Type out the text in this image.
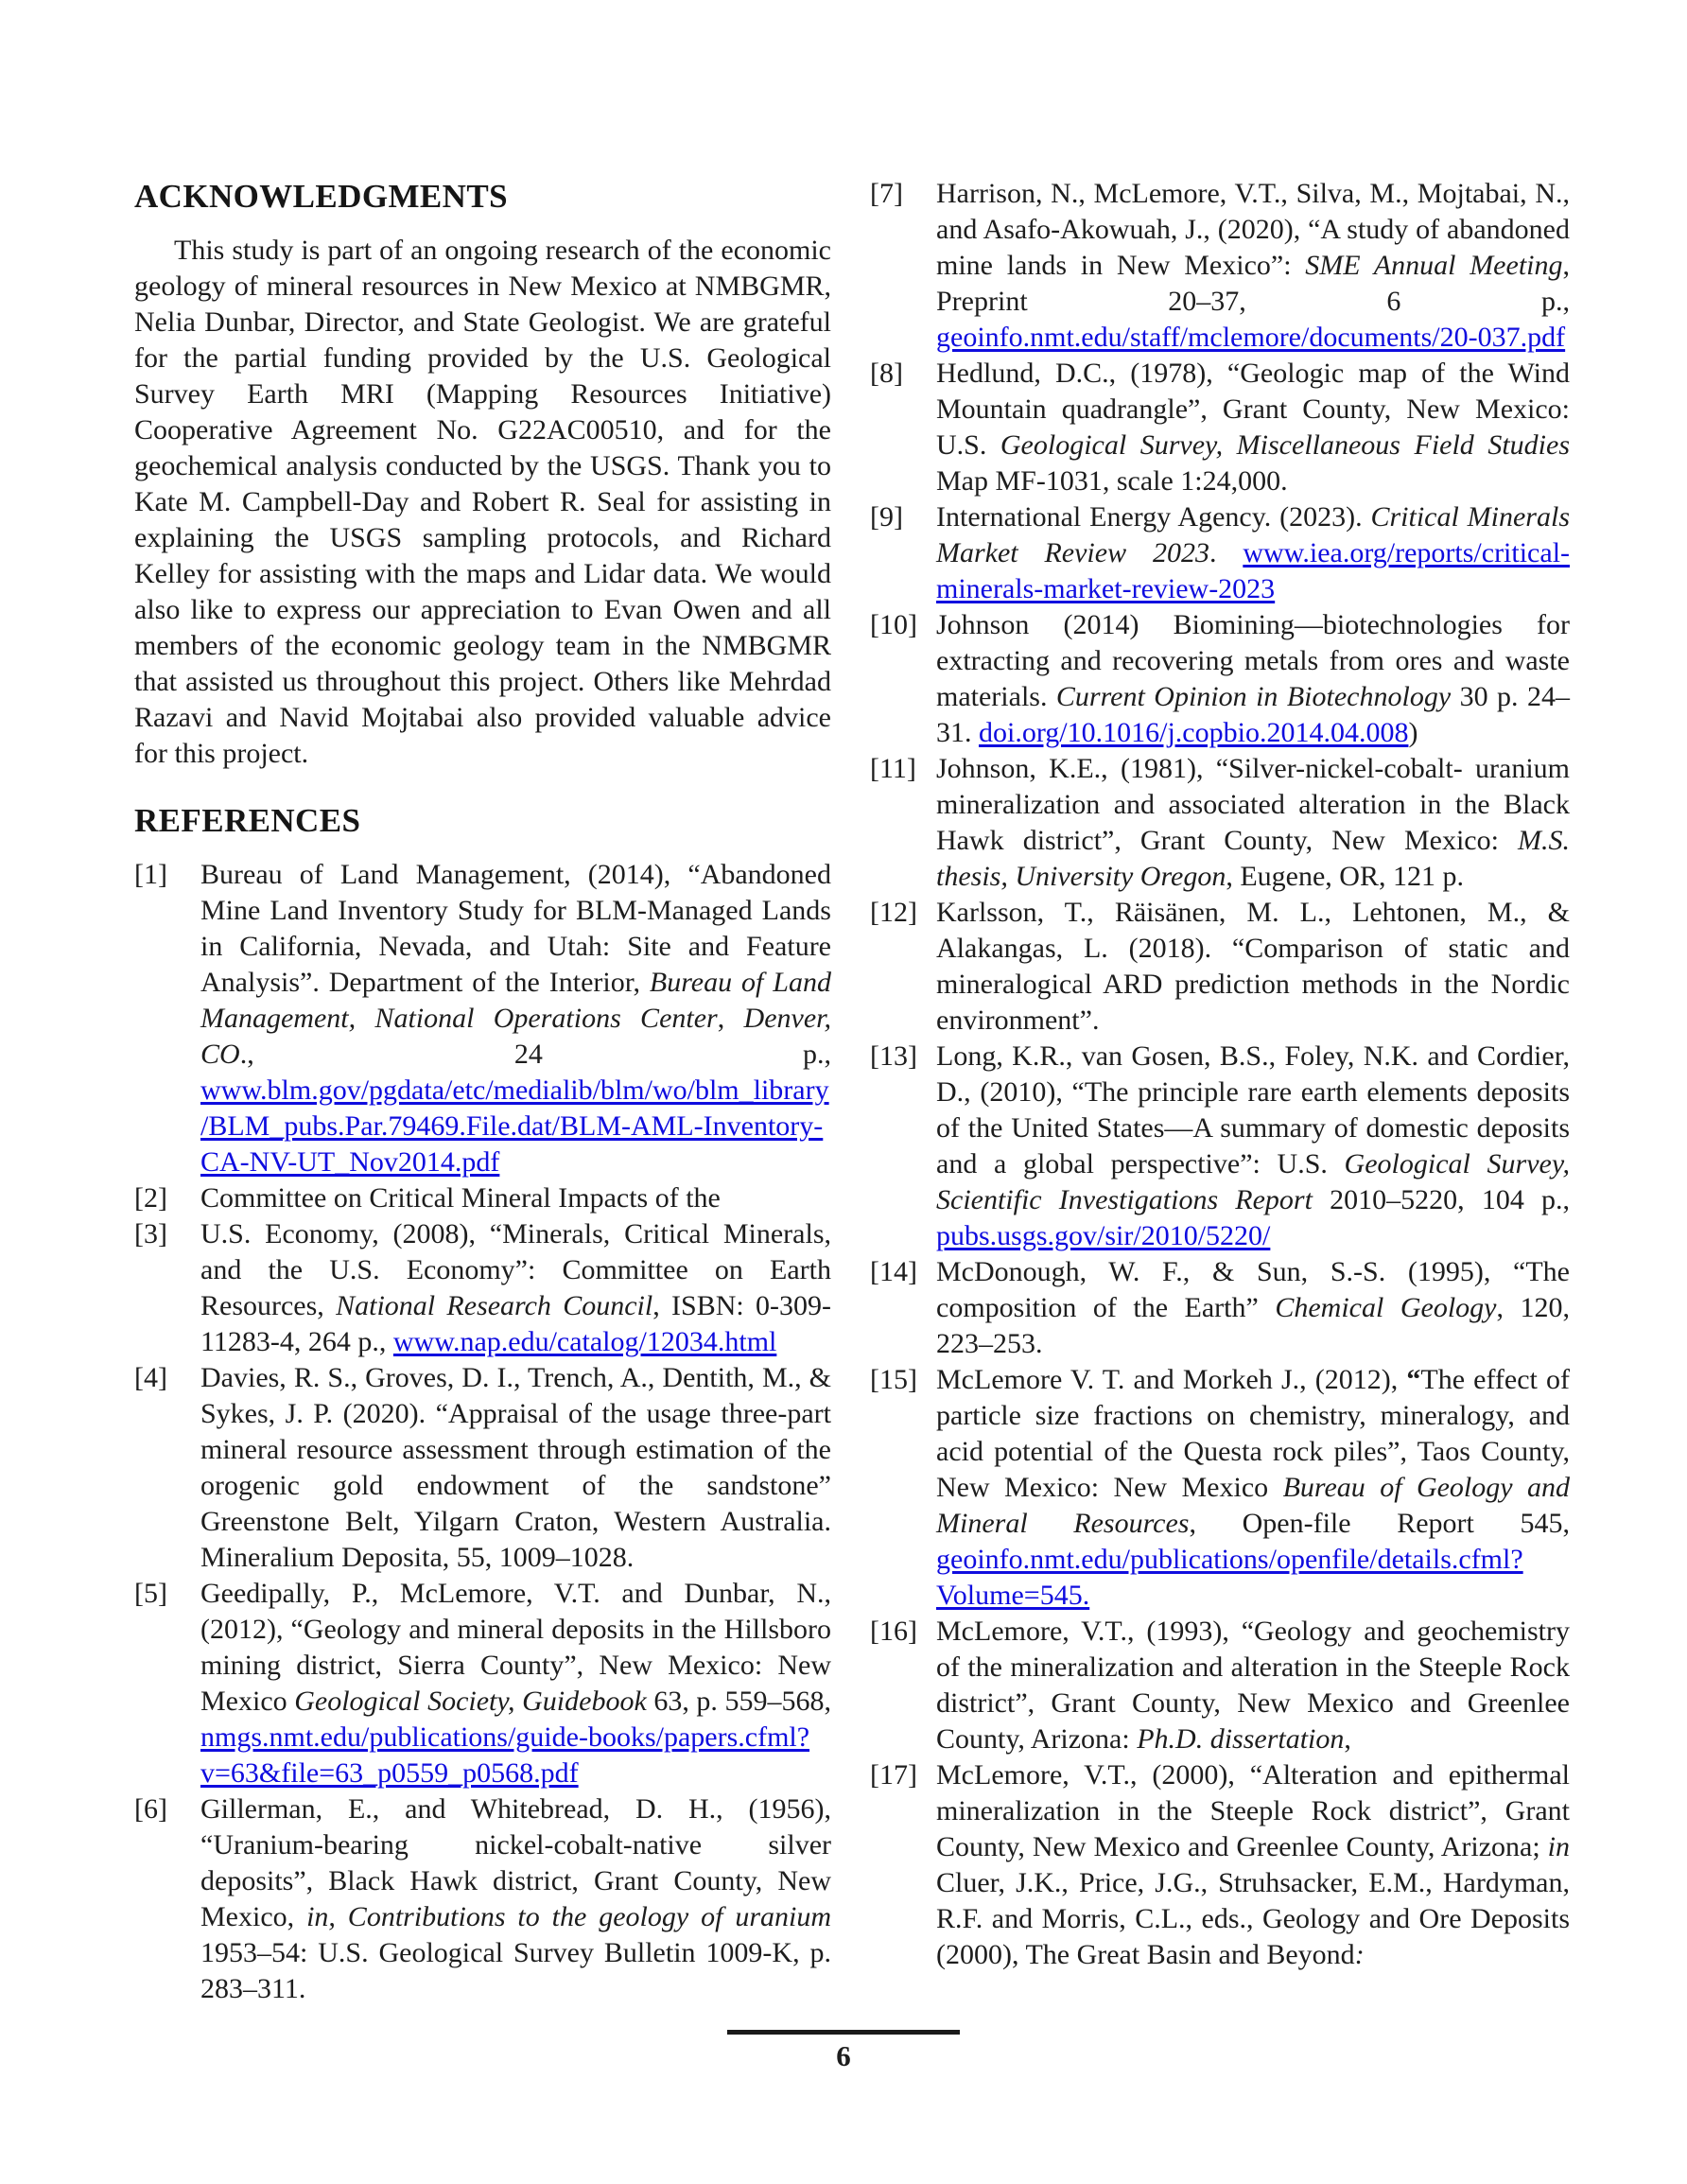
ACKNOWLEDGMENTS

This study is part of an ongoing research of the economic geology of mineral resources in New Mexico at NMBGMR, Nelia Dunbar, Director, and State Geologist. We are grateful for the partial funding provided by the U.S. Geological Survey Earth MRI (Mapping Resources Initiative) Cooperative Agreement No. G22AC00510, and for the geochemical analysis conducted by the USGS. Thank you to Kate M. Campbell-Day and Robert R. Seal for assisting in explaining the USGS sampling protocols, and Richard Kelley for assisting with the maps and Lidar data. We would also like to express our appreciation to Evan Owen and all members of the economic geology team in the NMBGMR that assisted us throughout this project. Others like Mehrdad Razavi and Navid Mojtabai also provided valuable advice for this project.

REFERENCES
[1] Bureau of Land Management, (2014), “Abandoned Mine Land Inventory Study for BLM-Managed Lands in California, Nevada, and Utah: Site and Feature Analysis”. Department of the Interior, Bureau of Land Management, National Operations Center, Denver, CO., 24 p., www.blm.gov/pgdata/etc/medialib/blm/wo/blm_library/BLM_pubs.Par.79469.File.dat/BLM-AML-Inventory-CA-NV-UT_Nov2014.pdf
[2] Committee on Critical Mineral Impacts of the
[3] U.S. Economy, (2008), “Minerals, Critical Minerals, and the U.S. Economy”: Committee on Earth Resources, National Research Council, ISBN: 0-309-11283-4, 264 p., www.nap.edu/catalog/12034.html
[4] Davies, R. S., Groves, D. I., Trench, A., Dentith, M., & Sykes, J. P. (2020). “Appraisal of the usage three-part mineral resource assessment through estimation of the orogenic gold endowment of the sandstone” Greenstone Belt, Yilgarn Craton, Western Australia. Mineralium Deposita, 55, 1009–1028.
[5] Geedipally, P., McLemore, V.T. and Dunbar, N., (2012), “Geology and mineral deposits in the Hillsboro mining district, Sierra County”, New Mexico: New Mexico Geological Society, Guidebook 63, p. 559–568, nmgs.nmt.edu/publications/guide-books/papers.cfml?v=63&file=63_p0559_p0568.pdf
[6] Gillerman, E., and Whitebread, D. H., (1956), “Uranium-bearing nickel-cobalt-native silver deposits”, Black Hawk district, Grant County, New Mexico, in, Contributions to the geology of uranium 1953–54: U.S. Geological Survey Bulletin 1009-K, p. 283–311.
[7] Harrison, N., McLemore, V.T., Silva, M., Mojtabai, N., and Asafo-Akowuah, J., (2020), “A study of abandoned mine lands in New Mexico”: SME Annual Meeting, Preprint 20–37, 6 p., geoinfo.nmt.edu/staff/mclemore/documents/20-037.pdf
[8] Hedlund, D.C., (1978), “Geologic map of the Wind Mountain quadrangle”, Grant County, New Mexico: U.S. Geological Survey, Miscellaneous Field Studies Map MF-1031, scale 1:24,000.
[9] International Energy Agency. (2023). Critical Minerals Market Review 2023. www.iea.org/reports/critical-minerals-market-review-2023
[10] Johnson (2014) Biomining—biotechnologies for extracting and recovering metals from ores and waste materials. Current Opinion in Biotechnology 30 p. 24–31. doi.org/10.1016/j.copbio.2014.04.008)
[11] Johnson, K.E., (1981), “Silver-nickel-cobalt- uranium mineralization and associated alteration in the Black Hawk district”, Grant County, New Mexico: M.S. thesis, University Oregon, Eugene, OR, 121 p.
[12] Karlsson, T., Räisänen, M. L., Lehtonen, M., & Alakangas, L. (2018). “Comparison of static and mineralogical ARD prediction methods in the Nordic environment”.
[13] Long, K.R., van Gosen, B.S., Foley, N.K. and Cordier, D., (2010), “The principle rare earth elements deposits of the United States—A summary of domestic deposits and a global perspective”: U.S. Geological Survey, Scientific Investigations Report 2010–5220, 104 p., pubs.usgs.gov/sir/2010/5220/
[14] McDonough, W. F., & Sun, S.-S. (1995), “The composition of the Earth” Chemical Geology, 120, 223–253.
[15] McLemore V. T. and Morkeh J., (2012), “The effect of particle size fractions on chemistry, mineralogy, and acid potential of the Questa rock piles”, Taos County, New Mexico: New Mexico Bureau of Geology and Mineral Resources, Open-file Report 545, geoinfo.nmt.edu/publications/openfile/details.cfml?Volume=545.
[16] McLemore, V.T., (1993), “Geology and geochemistry of the mineralization and alteration in the Steeple Rock district”, Grant County, New Mexico and Greenlee County, Arizona: Ph.D. dissertation,
[17] McLemore, V.T., (2000), “Alteration and epithermal mineralization in the Steeple Rock district”, Grant County, New Mexico and Greenlee County, Arizona; in Cluer, J.K., Price, J.G., Struhsacker, E.M., Hardyman, R.F. and Morris, C.L., eds., Geology and Ore Deposits (2000), The Great Basin and Beyond:
6
